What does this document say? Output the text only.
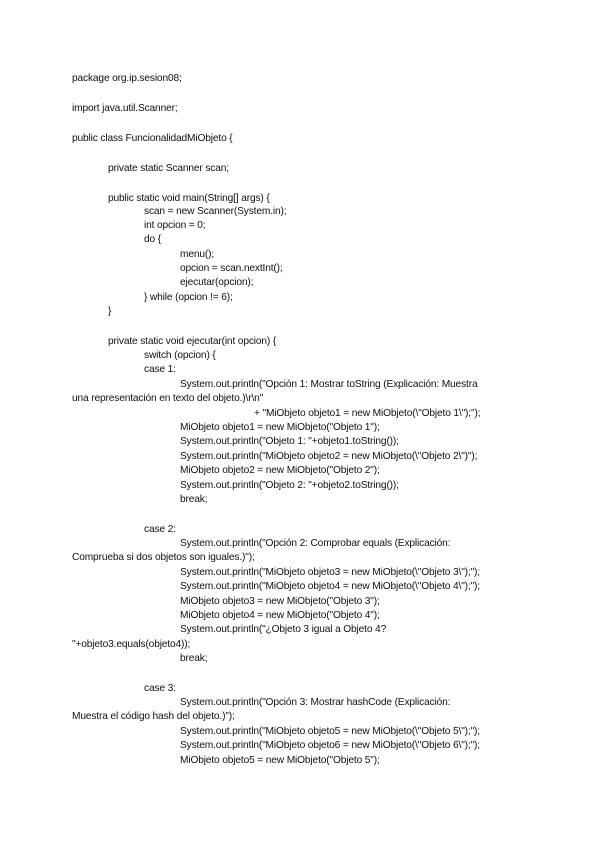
package org.ip.sesion08;
import java.util.Scanner;
public class FuncionalidadMiObjeto {
private static Scanner scan;
public static void main(String[] args) {
scan = new Scanner(System.in);
int opcion = 0;
do {
menu();
opcion = scan.nextInt();
ejecutar(opcion);
} while (opcion != 6);
}
private static void ejecutar(int opcion) {
switch (opcion) {
case 1:
System.out.println("Opción 1: Mostrar toString (Explicación: Muestra
una representación en texto del objeto.)\r\n"
+ "MiObjeto objeto1 = new MiObjeto(\"Objeto 1\");");
MiObjeto objeto1 = new MiObjeto("Objeto 1");
System.out.println("Objeto 1: "+objeto1.toString());
System.out.println("MiObjeto objeto2 = new MiObjeto(\"Objeto 2\")");
MiObjeto objeto2 = new MiObjeto("Objeto 2");
System.out.println("Objeto 2: "+objeto2.toString());
break;
case 2:
System.out.println("Opción 2: Comprobar equals (Explicación:
Comprueba si dos objetos son iguales.)");
System.out.println("MiObjeto objeto3 = new MiObjeto(\"Objeto 3\");");
System.out.println("MiObjeto objeto4 = new MiObjeto(\"Objeto 4\");");
MiObjeto objeto3 = new MiObjeto("Objeto 3");
MiObjeto objeto4 = new MiObjeto("Objeto 4");
System.out.println("¿Objeto 3 igual a Objeto 4?
"+objeto3.equals(objeto4));
break;
case 3:
System.out.println("Opción 3: Mostrar hashCode (Explicación:
Muestra el código hash del objeto.)");
System.out.println("MiObjeto objeto5 = new MiObjeto(\"Objeto 5\");");
System.out.println("MiObjeto objeto6 = new MiObjeto(\"Objeto 6\");");
MiObjeto objeto5 = new MiObjeto("Objeto 5");
